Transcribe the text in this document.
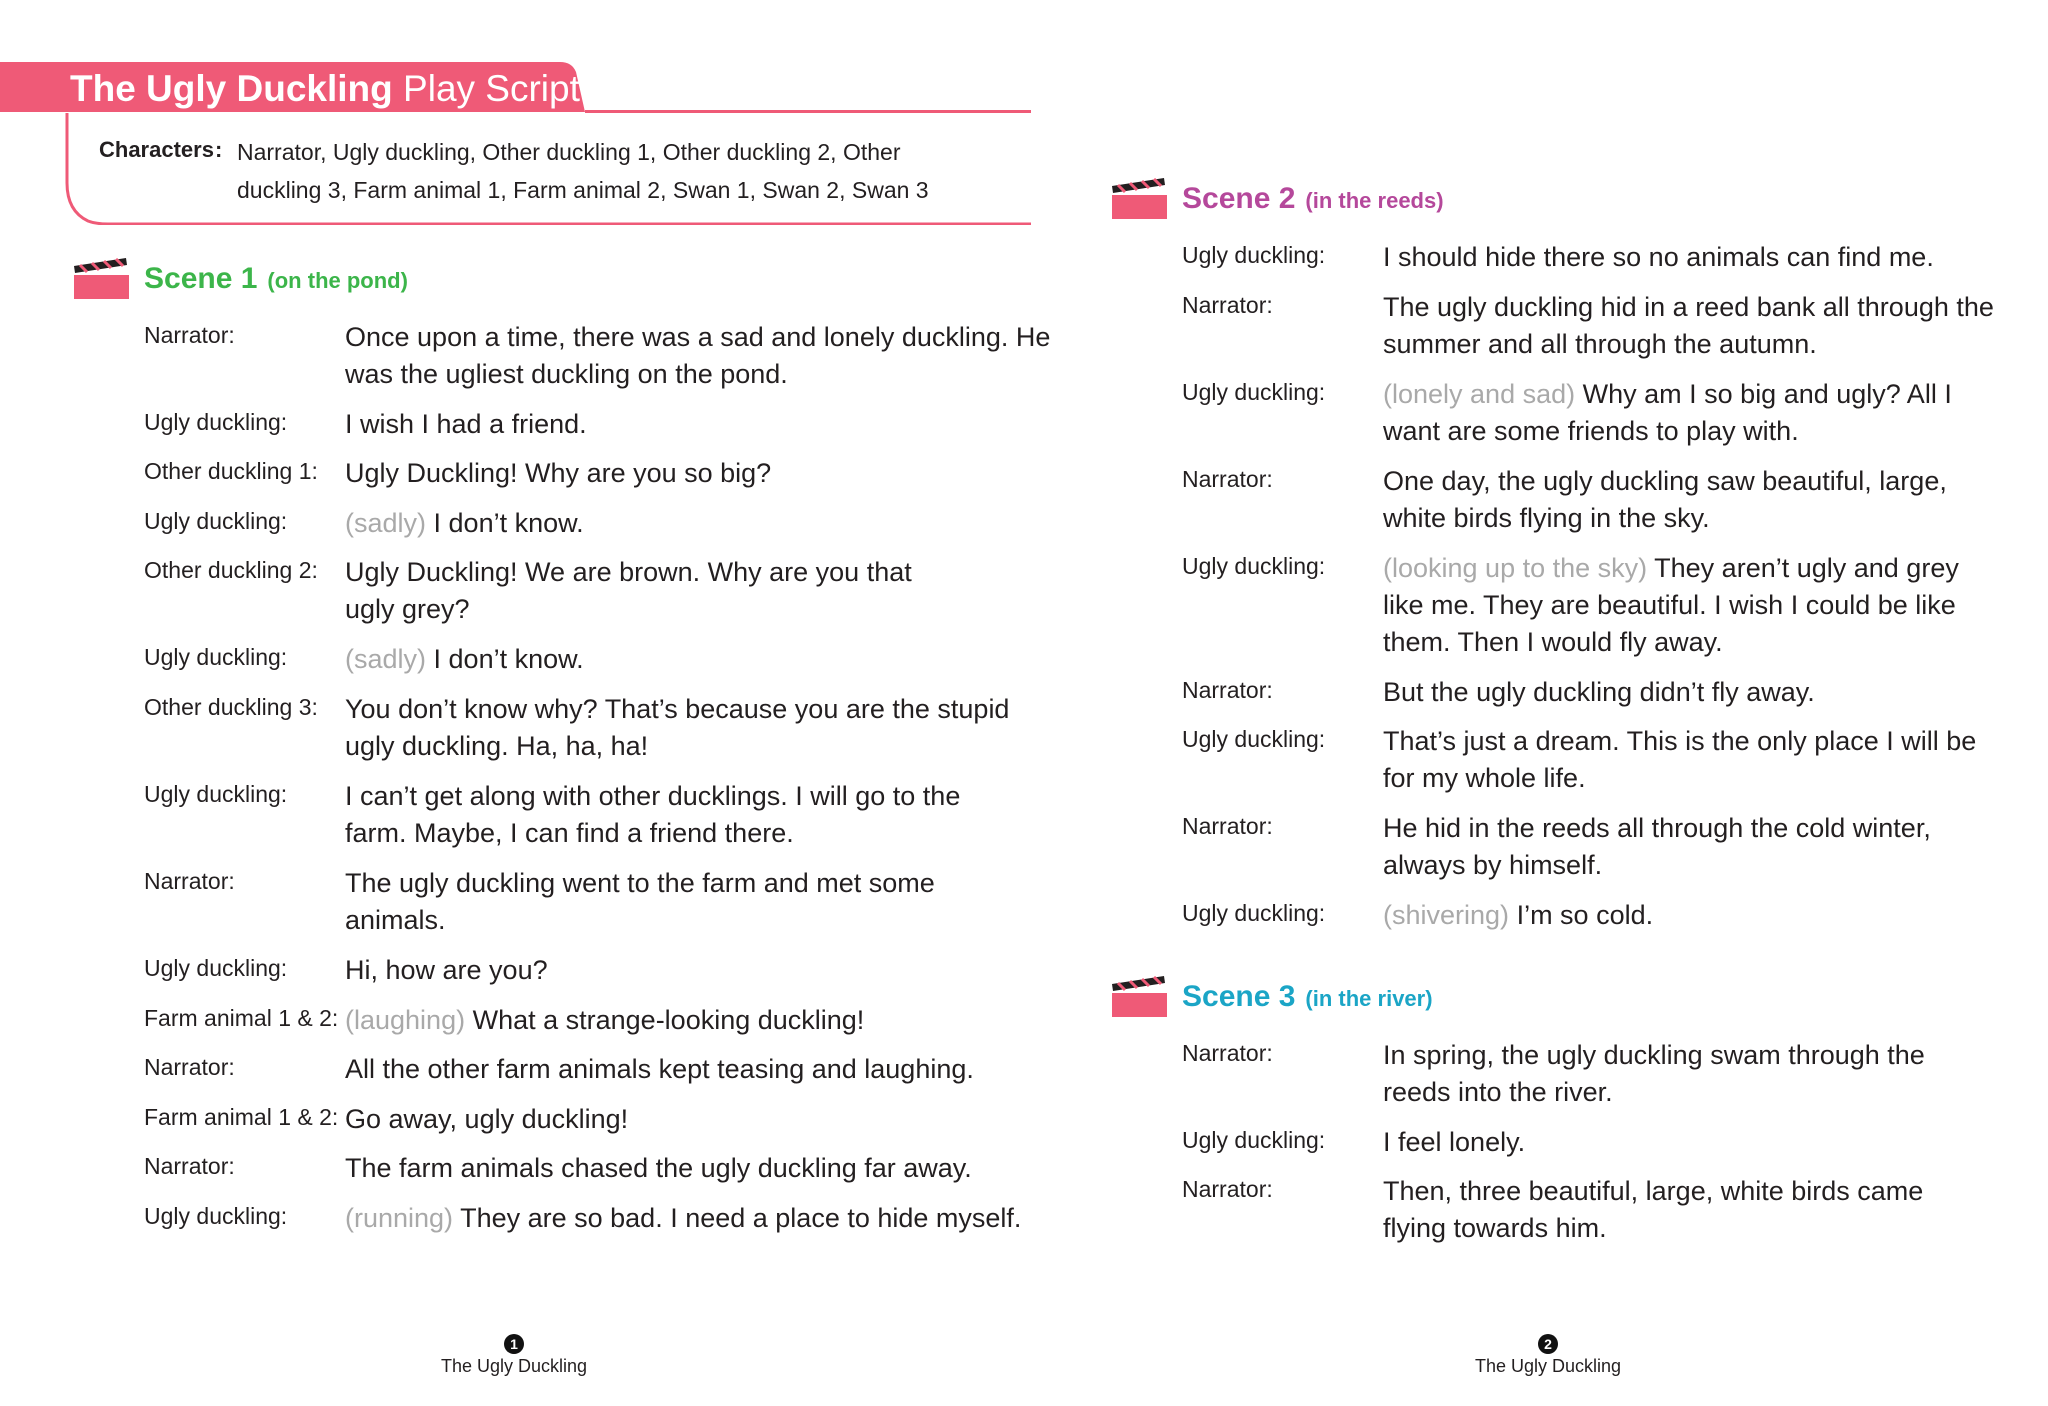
The Ugly Duckling Play Script
Characters : Narrator, Ugly duckling, Other duckling 1, Other duckling 2, Other duckling 3, Farm animal 1, Farm animal 2, Swan 1, Swan 2, Swan 3
Scene 1 (on the pond)
Narrator:	Once upon a time, there was a sad and lonely duckling. He was the ugliest duckling on the pond.
Ugly duckling: I wish I had a friend.
Other duckling 1: Ugly Duckling! Why are you so big?
Ugly duckling: (sadly) I don’t know.
Other duckling 2: Ugly Duckling! We are brown. Why are you that ugly grey?
Ugly duckling: (sadly) I don’t know.
Other duckling 3: You don’t know why? That’s because you are the stupid ugly duckling. Ha, ha, ha!
Ugly duckling: I can’t get along with other ducklings. I will go to the farm. Maybe, I can find a friend there.
Narrator:	The ugly duckling went to the farm and met some animals.
Ugly duckling: Hi, how are you?
Farm animal 1 & 2: (laughing) What a strange-looking duckling!
Narrator:	All the other farm animals kept teasing and laughing.
Farm animal 1 & 2: Go away, ugly duckling!
Narrator:	The farm animals chased the ugly duckling far away.
Ugly duckling: (running) They are so bad. I need a place to hide myself.
Scene 2 (in the reeds)
Ugly duckling: I should hide there so no animals can find me.
Narrator:	The ugly duckling hid in a reed bank all through the summer and all through the autumn.
Ugly duckling: (lonely and sad) Why am I so big and ugly? All I want are some friends to play with.
Narrator:	One day, the ugly duckling saw beautiful, large, white birds flying in the sky.
Ugly duckling: (looking up to the sky) They aren’t ugly and grey like me. They are beautiful. I wish I could be like them. Then I would fly away.
Narrator:	But the ugly duckling didn’t fly away.
Ugly duckling: That’s just a dream. This is the only place I will be for my whole life.
Narrator:	He hid in the reeds all through the cold winter, always by himself.
Ugly duckling: (shivering) I’m so cold.
Scene 3 (in the river)
Narrator:	In spring, the ugly duckling swam through the reeds into the river.
Ugly duckling: I feel lonely.
Narrator:	Then, three beautiful, large, white birds came flying towards him.
1
The Ugly Duckling
2
The Ugly Duckling
